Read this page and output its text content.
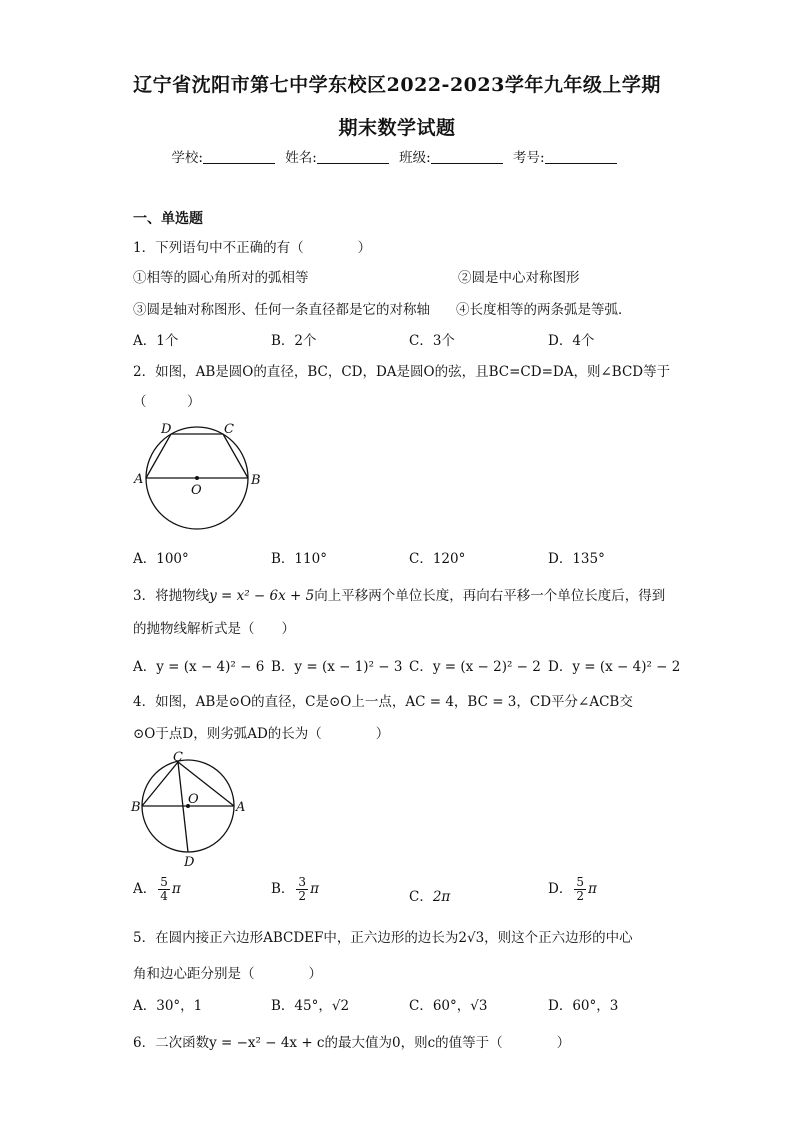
辽宁省沈阳市第七中学东校区2022-2023学年九年级上学期
期末数学试题
学校:	姓名:	班级:	考号:
一、单选题
1．下列语句中不正确的有（　　　　）
①相等的圆心角所对的弧相等	②圆是中心对称图形
③圆是轴对称图形、任何一条直径都是它的对称轴 ④长度相等的两条弧是等弧．
A．1个	B．2个	C．3个	D．4个
2．如图，AB是圆O的直径，BC，CD，DA是圆O的弦，且BC=CD=DA，则∠BCD等于
（　　　）
D	C
A	B
O
A．100°	B．110°	C．120°	D．135°
3．将抛物线y = x² − 6x + 5向上平移两个单位长度，再向右平移一个单位长度后，得到
的抛物线解析式是（　　）
A．y = (x − 4)² − 6 B．y = (x − 1)² − 3 C．y = (x − 2)² − 2 D．y = (x − 4)² − 2
4．如图，AB是⊙O的直径，C是⊙O上一点，AC = 4，BC = 3，CD平分∠ACB交
⊙O于点D，则劣弧AD的长为（　　　　）
C
O
B	A
D
A． $\frac{5}{4}$ π	B． $\frac{3}{2}$ π	C．2π	D． $\frac{5}{2}$ π
5．在圆内接正六边形ABCDEF中，正六边形的边长为2√3，则这个正六边形的中心
角和边心距分别是（　　　　）
A．30°，1	B．45°，√2	C．60°，√3	D．60°，3
6．二次函数y = −x² − 4x + c的最大值为0，则c的值等于（　　　　）
